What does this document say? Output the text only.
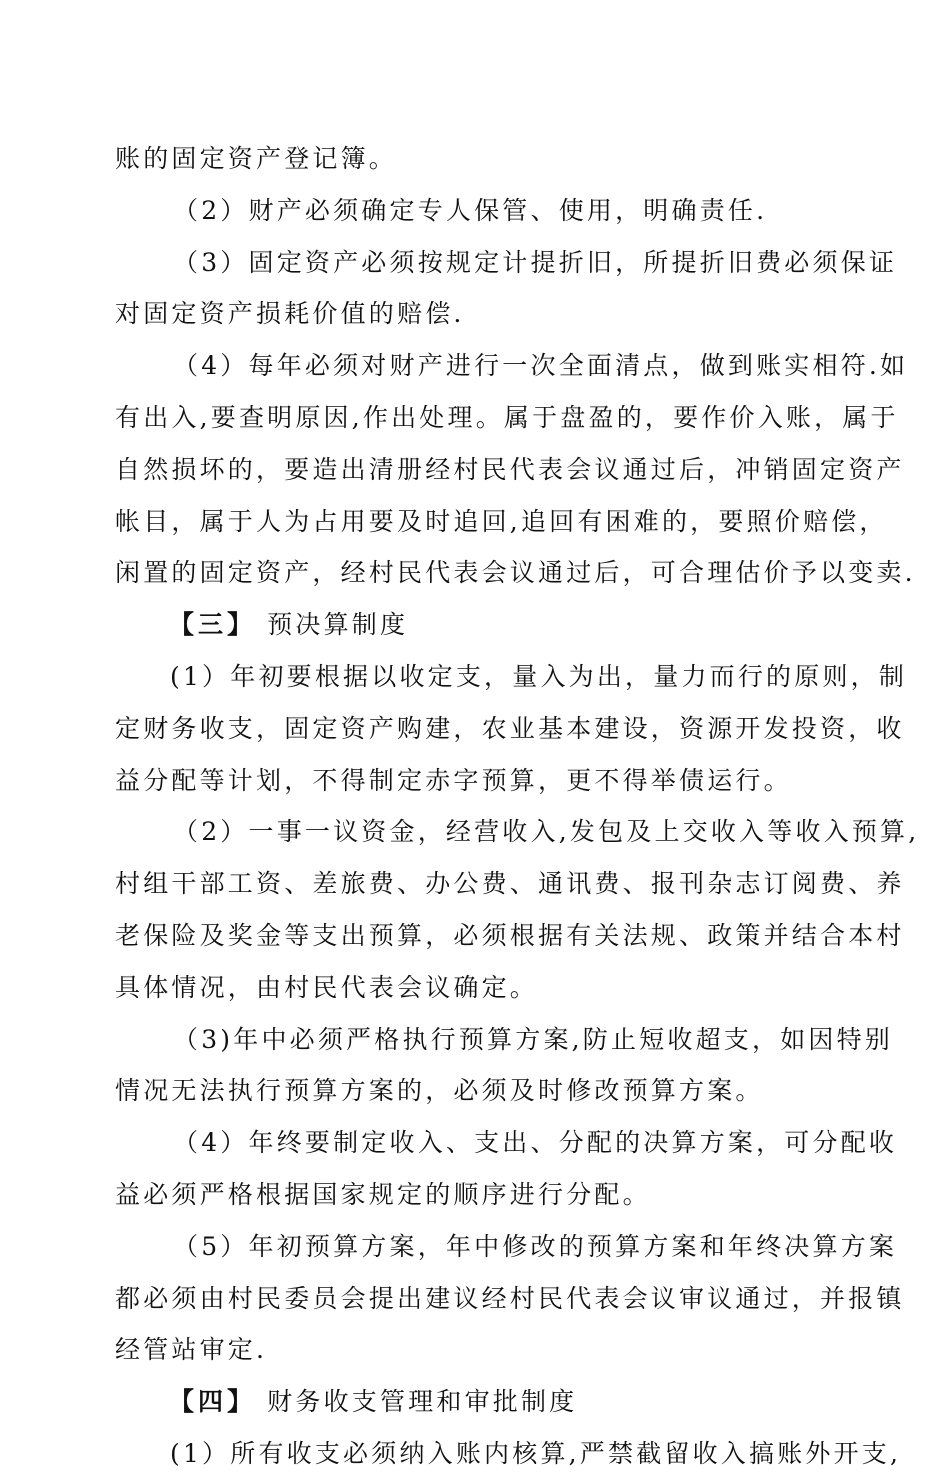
账的固定资产登记簿。
（2）财产必须确定专人保管、使用，明确责任.
（3）固定资产必须按规定计提折旧，所提折旧费必须保证
对固定资产损耗价值的赔偿.
（4）每年必须对财产进行一次全面清点，做到账实相符.如
有出入,要查明原因,作出处理。属于盘盈的，要作价入账，属于
自然损坏的，要造出清册经村民代表会议通过后，冲销固定资产
帐目，属于人为占用要及时追回,追回有困难的，要照价赔偿，
闲置的固定资产，经村民代表会议通过后，可合理估价予以变卖.
【三】 预决算制度
(1）年初要根据以收定支，量入为出，量力而行的原则，制
定财务收支，固定资产购建，农业基本建设，资源开发投资，收
益分配等计划，不得制定赤字预算，更不得举债运行。
（2）一事一议资金，经营收入,发包及上交收入等收入预算,
村组干部工资、差旅费、办公费、通讯费、报刊杂志订阅费、养
老保险及奖金等支出预算，必须根据有关法规、政策并结合本村
具体情况，由村民代表会议确定。
（3)年中必须严格执行预算方案,防止短收超支，如因特别
情况无法执行预算方案的，必须及时修改预算方案。
（4）年终要制定收入、支出、分配的决算方案，可分配收
益必须严格根据国家规定的顺序进行分配。
（5）年初预算方案，年中修改的预算方案和年终决算方案
都必须由村民委员会提出建议经村民代表会议审议通过，并报镇
经管站审定.
【四】 财务收支管理和审批制度
(1）所有收支必须纳入账内核算,严禁截留收入搞账外开支,
